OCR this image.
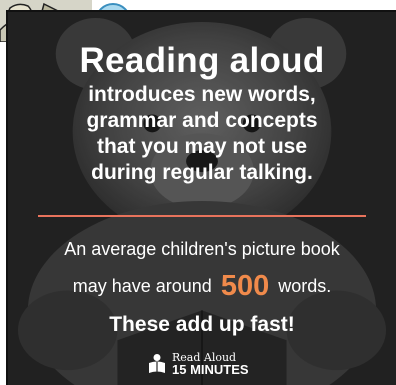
Reading aloud
introduces new words,
grammar and concepts
that you may not use
during regular talking.
An average children's picture book
may have around 500 words.
These add up fast!
Read Aloud
15 MINUTES
